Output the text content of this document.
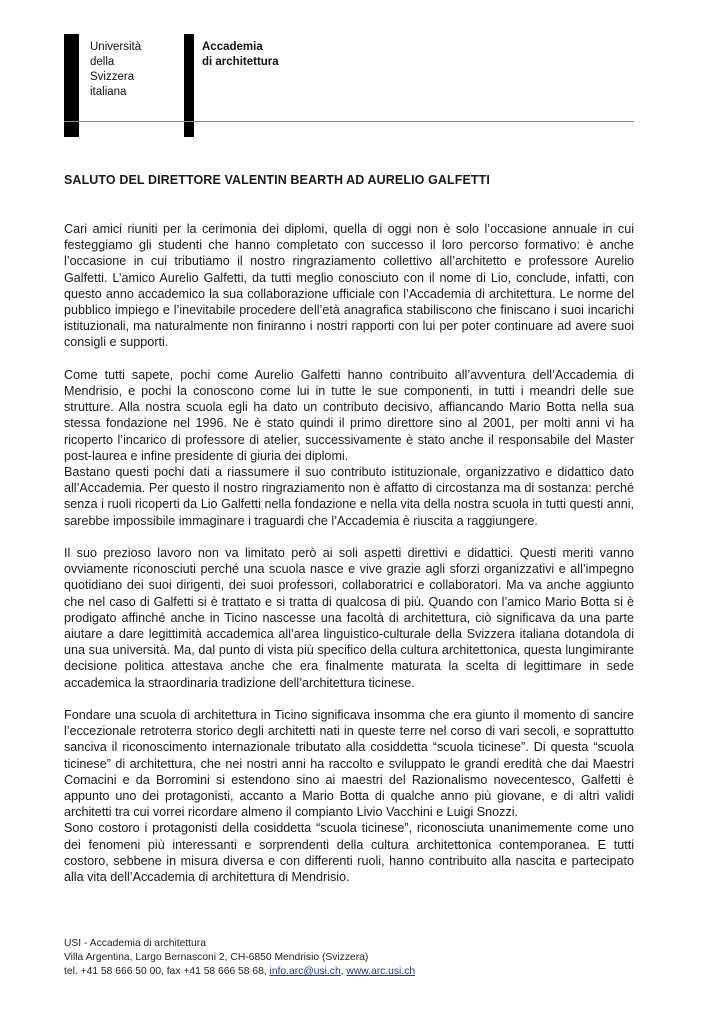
Università
della
Svizzera
italiana
Accademia
di architettura
SALUTO DEL DIRETTORE VALENTIN BEARTH AD AURELIO GALFETTI

Cari amici riuniti per la cerimonia dei diplomi, quella di oggi non è solo l’occasione annuale in cui festeggiamo gli studenti che hanno completato con successo il loro percorso formativo: è anche l’occasione in cui tributiamo il nostro ringraziamento collettivo all’architetto e professore Aurelio Galfetti. L’amico Aurelio Galfetti, da tutti meglio conosciuto con il nome di Lio, conclude, infatti, con questo anno accademico la sua collaborazione ufficiale con l’Accademia di architettura. Le norme del pubblico impiego e l’inevitabile procedere dell’età anagrafica stabiliscono che finiscano i suoi incarichi istituzionali, ma naturalmente non finiranno i nostri rapporti con lui per poter continuare ad avere suoi consigli e supporti.

Come tutti sapete, pochi come Aurelio Galfetti hanno contribuito all’avventura dell’Accademia di Mendrisio, e pochi la conoscono come lui in tutte le sue componenti, in tutti i meandri delle sue strutture. Alla nostra scuola egli ha dato un contributo decisivo, affiancando Mario Botta nella sua stessa fondazione nel 1996. Ne è stato quindi il primo direttore sino al 2001, per molti anni vi ha ricoperto l’incarico di professore di atelier, successivamente è stato anche il responsabile del Master post-laurea e infine presidente di giuria dei diplomi.

Bastano questi pochi dati a riassumere il suo contributo istituzionale, organizzativo e didattico dato all’Accademia. Per questo il nostro ringraziamento non è affatto di circostanza ma di sostanza: perché senza i ruoli ricoperti da Lio Galfetti nella fondazione e nella vita della nostra scuola in tutti questi anni, sarebbe impossibile immaginare i traguardi che l’Accademia è riuscita a raggiungere.

Il suo prezioso lavoro non va limitato però ai soli aspetti direttivi e didattici. Questi meriti vanno ovviamente riconosciuti perché una scuola nasce e vive grazie agli sforzi organizzativi e all’impegno quotidiano dei suoi dirigenti, dei suoi professori, collaboratrici e collaboratori. Ma va anche aggiunto che nel caso di Galfetti si è trattato e si tratta di qualcosa di più. Quando con l’amico Mario Botta si è prodigato affinché anche in Ticino nascesse una facoltà di architettura, ciò significava da una parte aiutare a dare legittimità accademica all’area linguistico-culturale della Svizzera italiana dotandola di una sua università. Ma, dal punto di vista più specifico della cultura architettonica, questa lungimirante decisione politica attestava anche che era finalmente maturata la scelta di legittimare in sede accademica la straordinaria tradizione dell’architettura ticinese.

Fondare una scuola di architettura in Ticino significava insomma che era giunto il momento di sancire l’eccezionale retroterra storico degli architetti nati in queste terre nel corso di vari secoli, e soprattutto sanciva il riconoscimento internazionale tributato alla cosiddetta “scuola ticinese”. Di questa “scuola ticinese” di architettura, che nei nostri anni ha raccolto e sviluppato le grandi eredità che dai Maestri Comacini e da Borromini si estendono sino ai maestri del Razionalismo novecentesco, Galfetti è appunto uno dei protagonisti, accanto a Mario Botta di qualche anno più giovane, e di altri validi architetti tra cui vorrei ricordare almeno il compianto Livio Vacchini e Luigi Snozzi.

Sono costoro i protagonisti della cosiddetta “scuola ticinese”, riconosciuta unanimemente come uno dei fenomeni più interessanti e sorprendenti della cultura architettonica contemporanea. E tutti costoro, sebbene in misura diversa e con differenti ruoli, hanno contribuito alla nascita e partecipato alla vita dell’Accademia di architettura di Mendrisio.

USI - Accademia di architettura
Villa Argentina, Largo Bernasconi 2, CH-6850 Mendrisio (Svizzera)
tel. +41 58 666 50 00, fax +41 58 666 58 68, info.arc@usi.ch, www.arc.usi.ch
